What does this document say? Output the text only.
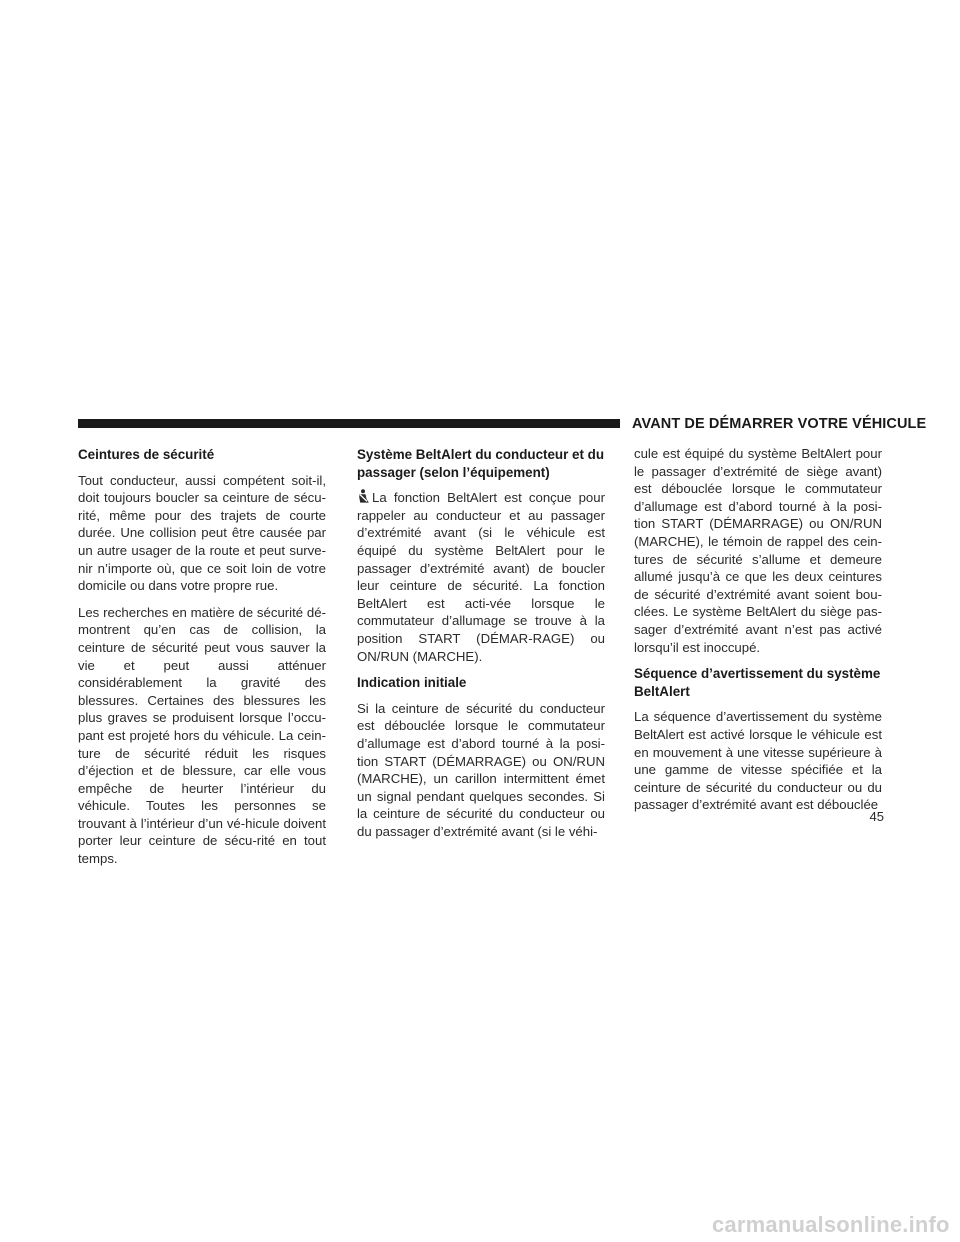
AVANT DE DÉMARRER VOTRE VÉHICULE
Ceintures de sécurité

Tout conducteur, aussi compétent soit-il, doit toujours boucler sa ceinture de sécu-rité, même pour des trajets de courte durée. Une collision peut être causée par un autre usager de la route et peut surve-nir n’importe où, que ce soit loin de votre domicile ou dans votre propre rue.

Les recherches en matière de sécurité dé-montrent qu’en cas de collision, la ceinture de sécurité peut vous sauver la vie et peut aussi atténuer considérablement la gravité des blessures. Certaines des blessures les plus graves se produisent lorsque l’occu-pant est projeté hors du véhicule. La cein-ture de sécurité réduit les risques d’éjection et de blessure, car elle vous empêche de heurter l’intérieur du véhicule. Toutes les personnes se trouvant à l’intérieur d’un vé-hicule doivent porter leur ceinture de sécu-rité en tout temps.

Système BeltAlert du conducteur et du passager (selon l’équipement)

La fonction BeltAlert est conçue pour rappeler au conducteur et au passager d’extrémité avant (si le véhicule est équipé du système BeltAlert pour le passager d’extrémité avant) de boucler leur ceinture de sécurité. La fonction BeltAlert est acti-vée lorsque le commutateur d’allumage se trouve à la position START (DÉMAR-RAGE) ou ON/RUN (MARCHE).

Indication initiale

Si la ceinture de sécurité du conducteur est débouclée lorsque le commutateur d’allumage est d’abord tourné à la posi-tion START (DÉMARRAGE) ou ON/RUN (MARCHE), un carillon intermittent émet un signal pendant quelques secondes. Si la ceinture de sécurité du conducteur ou du passager d’extrémité avant (si le véhi-

cule est équipé du système BeltAlert pour le passager d’extrémité de siège avant) est débouclée lorsque le commutateur d’allumage est d’abord tourné à la posi-tion START (DÉMARRAGE) ou ON/RUN (MARCHE), le témoin de rappel des cein-tures de sécurité s’allume et demeure allumé jusqu’à ce que les deux ceintures de sécurité d’extrémité avant soient bou-clées. Le système BeltAlert du siège pas-sager d’extrémité avant n’est pas activé lorsqu’il est inoccupé.

Séquence d’avertissement du système BeltAlert

La séquence d’avertissement du système BeltAlert est activé lorsque le véhicule est en mouvement à une vitesse supérieure à une gamme de vitesse spécifiée et la ceinture de sécurité du conducteur ou du passager d’extrémité avant est débouclée

45
carmanualsonline.info
